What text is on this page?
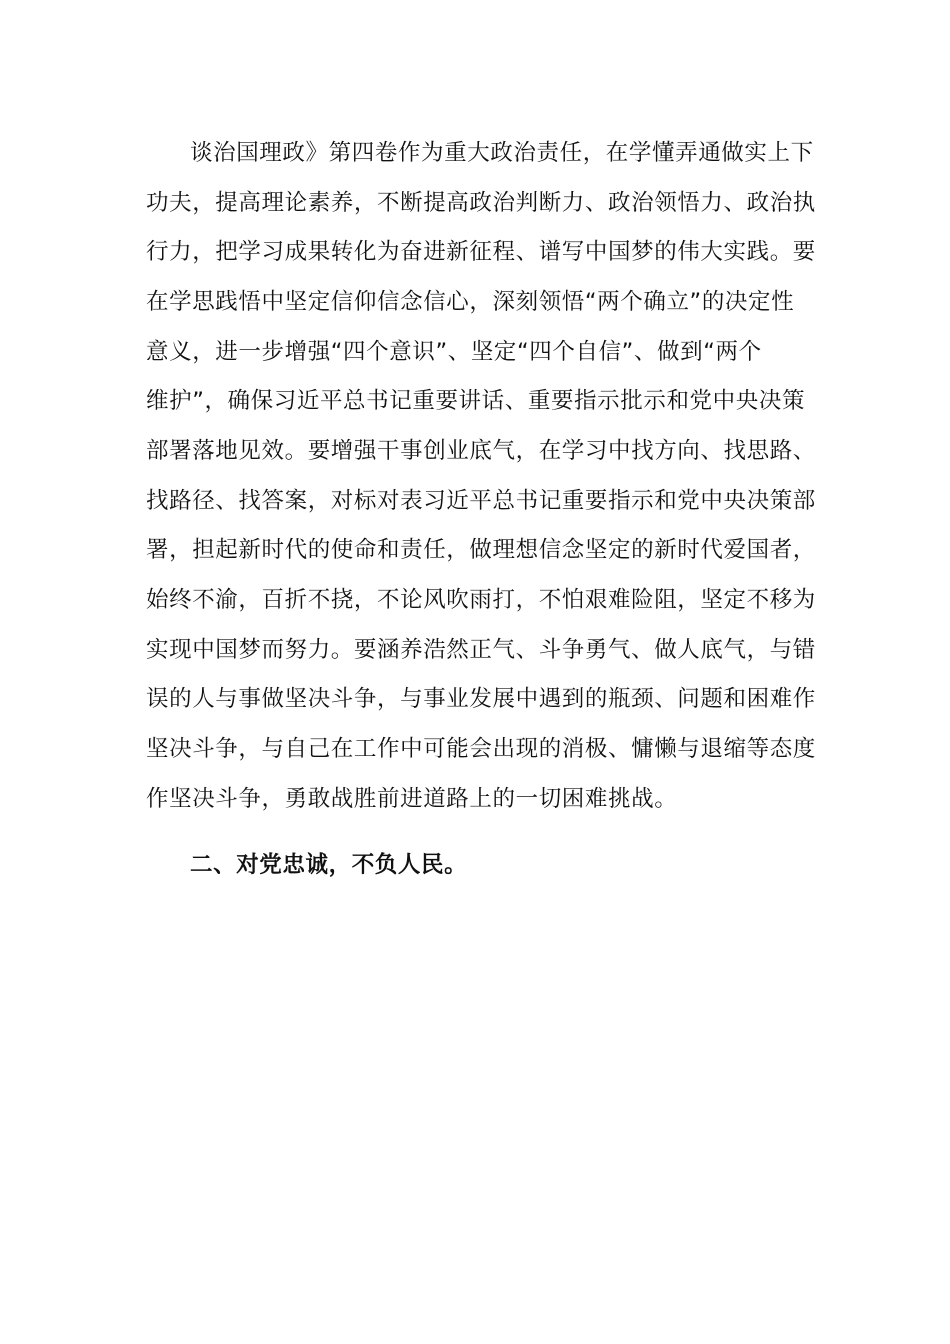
谈治国理政》第四卷作为重大政治责任，在学懂弄通做实上下
功夫，提高理论素养，不断提高政治判断力、政治领悟力、政治执
行力，把学习成果转化为奋进新征程、谱写中国梦的伟大实践。要
在学思践悟中坚定信仰信念信心，深刻领悟“两个确立”的决定性
意义，进一步增强“四个意识”、坚定“四个自信”、做到“两个
维护”，确保习近平总书记重要讲话、重要指示批示和党中央决策
部署落地见效。要增强干事创业底气，在学习中找方向、找思路、
找路径、找答案，对标对表习近平总书记重要指示和党中央决策部
署，担起新时代的使命和责任，做理想信念坚定的新时代爱国者，
始终不渝，百折不挠，不论风吹雨打，不怕艰难险阻，坚定不移为
实现中国梦而努力。要涵养浩然正气、斗争勇气、做人底气，与错
误的人与事做坚决斗争，与事业发展中遇到的瓶颈、问题和困难作
坚决斗争，与自己在工作中可能会出现的消极、慵懒与退缩等态度
作坚决斗争，勇敢战胜前进道路上的一切困难挑战。
二、对党忠诚，不负人民。
